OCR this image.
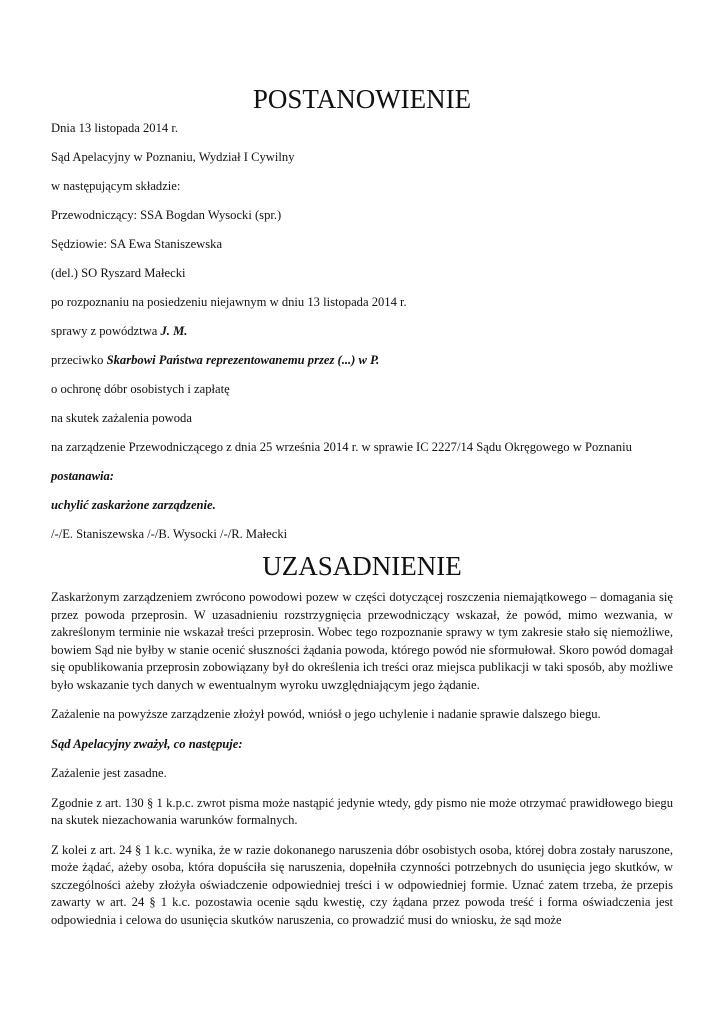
POSTANOWIENIE

Dnia 13 listopada 2014 r.

Sąd Apelacyjny w Poznaniu, Wydział I Cywilny

w następującym składzie:

Przewodniczący: SSA Bogdan Wysocki (spr.)

Sędziowie: SA Ewa Staniszewska

(del.) SO Ryszard Małecki

po rozpoznaniu na posiedzeniu niejawnym w dniu 13 listopada 2014 r.

sprawy z powództwa J. M.

przeciwko Skarbowi Państwa reprezentowanemu przez (...) w P.

o ochronę dóbr osobistych i zapłatę

na skutek zażalenia powoda

na zarządzenie Przewodniczącego z dnia 25 września 2014 r. w sprawie IC 2227/14 Sądu Okręgowego w Poznaniu

postanawia:

uchylić zaskarżone zarządzenie.

/-/E. Staniszewska /-/B. Wysocki /-/R. Małecki

UZASADNIENIE

Zaskarżonym zarządzeniem zwrócono powodowi pozew w części dotyczącej roszczenia niemajątkowego – domagania się przez powoda przeprosin. W uzasadnieniu rozstrzygnięcia przewodniczący wskazał, że powód, mimo wezwania, w zakreślonym terminie nie wskazał treści przeprosin. Wobec tego rozpoznanie sprawy w tym zakresie stało się niemożliwe, bowiem Sąd nie byłby w stanie ocenić słuszności żądania powoda, którego powód nie sformułował. Skoro powód domagał się opublikowania przeprosin zobowiązany był do określenia ich treści oraz miejsca publikacji w taki sposób, aby możliwe było wskazanie tych danych w ewentualnym wyroku uwzględniającym jego żądanie.

Zażalenie na powyższe zarządzenie złożył powód, wniósł o jego uchylenie i nadanie sprawie dalszego biegu.

Sąd Apelacyjny zważył, co następuje:

Zażalenie jest zasadne.

Zgodnie z art. 130 § 1 k.p.c. zwrot pisma może nastąpić jedynie wtedy, gdy pismo nie może otrzymać prawidłowego biegu na skutek niezachowania warunków formalnych.

Z kolei z art. 24 § 1 k.c. wynika, że w razie dokonanego naruszenia dóbr osobistych osoba, której dobra zostały naruszone, może żądać, ażeby osoba, która dopuściła się naruszenia, dopełniła czynności potrzebnych do usunięcia jego skutków, w szczególności ażeby złożyła oświadczenie odpowiedniej treści i w odpowiedniej formie. Uznać zatem trzeba, że przepis zawarty w art. 24 § 1 k.c. pozostawia ocenie sądu kwestię, czy żądana przez powoda treść i forma oświadczenia jest odpowiednia i celowa do usunięcia skutków naruszenia, co prowadzić musi do wniosku, że sąd może
